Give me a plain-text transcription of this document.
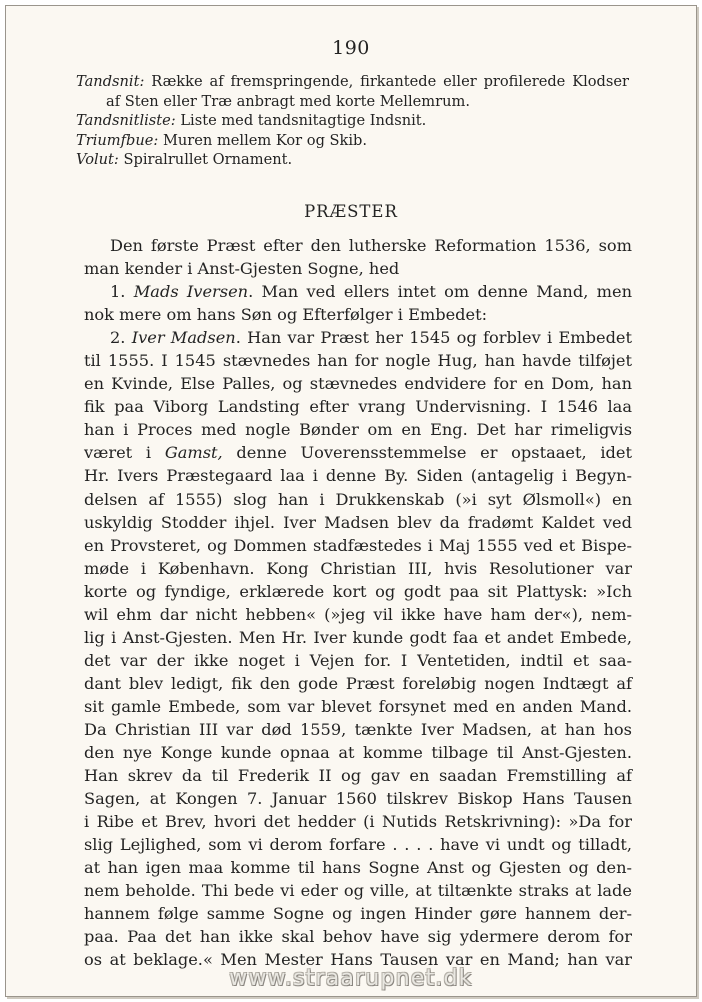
190

Tandsnit: Række af fremspringende, firkantede eller profilerede Klodser af Sten eller Træ anbragt med korte Mellemrum.

Tandsnitliste: Liste med tandsnitagtige Indsnit.

Triumfbue: Muren mellem Kor og Skib.

Volut: Spiralrullet Ornament.

PRÆSTER
Den første Præst efter den lutherske Reformation 1536, som
man kender i Anst-Gjesten Sogne, hed
1. Mads Iversen. Man ved ellers intet om denne Mand, men
nok mere om hans Søn og Efterfølger i Embedet:
2. Iver Madsen. Han var Præst her 1545 og forblev i Embedet
til 1555. I 1545 stævnedes han for nogle Hug, han havde tilføjet
en Kvinde, Else Palles, og stævnedes endvidere for en Dom, han
fik paa Viborg Landsting efter vrang Undervisning. I 1546 laa
han i Proces med nogle Bønder om en Eng. Det har rimeligvis
været i Gamst, denne Uoverensstemmelse er opstaaet, idet
Hr. Ivers Præstegaard laa i denne By. Siden (antagelig i Begyn-
delsen af 1555) slog han i Drukkenskab (»i syt Ølsmoll«) en
uskyldig Stodder ihjel. Iver Madsen blev da fradømt Kaldet ved
en Provsteret, og Dommen stadfæstedes i Maj 1555 ved et Bispe-
møde i København. Kong Christian III, hvis Resolutioner var
korte og fyndige, erklærede kort og godt paa sit Plattysk: »Ich
wil ehm dar nicht hebben« (»jeg vil ikke have ham der«), nem-
lig i Anst-Gjesten. Men Hr. Iver kunde godt faa et andet Embede,
det var der ikke noget i Vejen for. I Ventetiden, indtil et saa-
dant blev ledigt, fik den gode Præst foreløbig nogen Indtægt af
sit gamle Embede, som var blevet forsynet med en anden Mand.
Da Christian III var død 1559, tænkte Iver Madsen, at han hos
den nye Konge kunde opnaa at komme tilbage til Anst-Gjesten.
Han skrev da til Frederik II og gav en saadan Fremstilling af
Sagen, at Kongen 7. Januar 1560 tilskrev Biskop Hans Tausen
i Ribe et Brev, hvori det hedder (i Nutids Retskrivning): »Da for
slig Lejlighed, som vi derom forfare . . . . have vi undt og tilladt,
at han igen maa komme til hans Sogne Anst og Gjesten og den-
nem beholde. Thi bede vi eder og ville, at tiltænkte straks at lade
hannem følge samme Sogne og ingen Hinder gøre hannem der-
paa. Paa det han ikke skal behov have sig ydermere derom for
os at beklage.« Men Mester Hans Tausen var en Mand; han var
www.straarupnet.dk
